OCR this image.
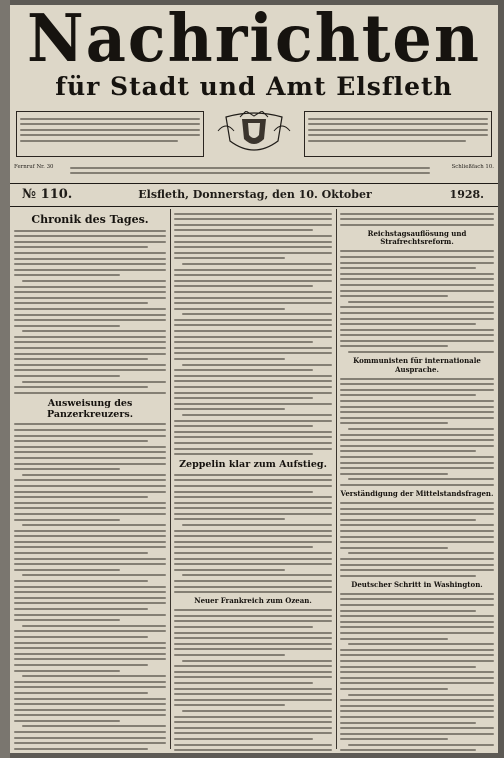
Nachrichten
für Stadt und Amt Elsfleth
Fernruf Nr. 30	Schließfach 10.
№ 110.	Elsfleth, Donnerstag, den 10. Oktober	1928.
Chronik des Tages.
Ausweisung des Panzerkreuzers.
Zeppelin klar zum Aufstieg.
Neuer Frankreich zum Ozean.
Reichstagsauflösung und Strafrechtsreform.
Kommunisten für internationale Ausprache.
Verständigung der Mittelstandsfragen.
Deutscher Schritt in Washington.
